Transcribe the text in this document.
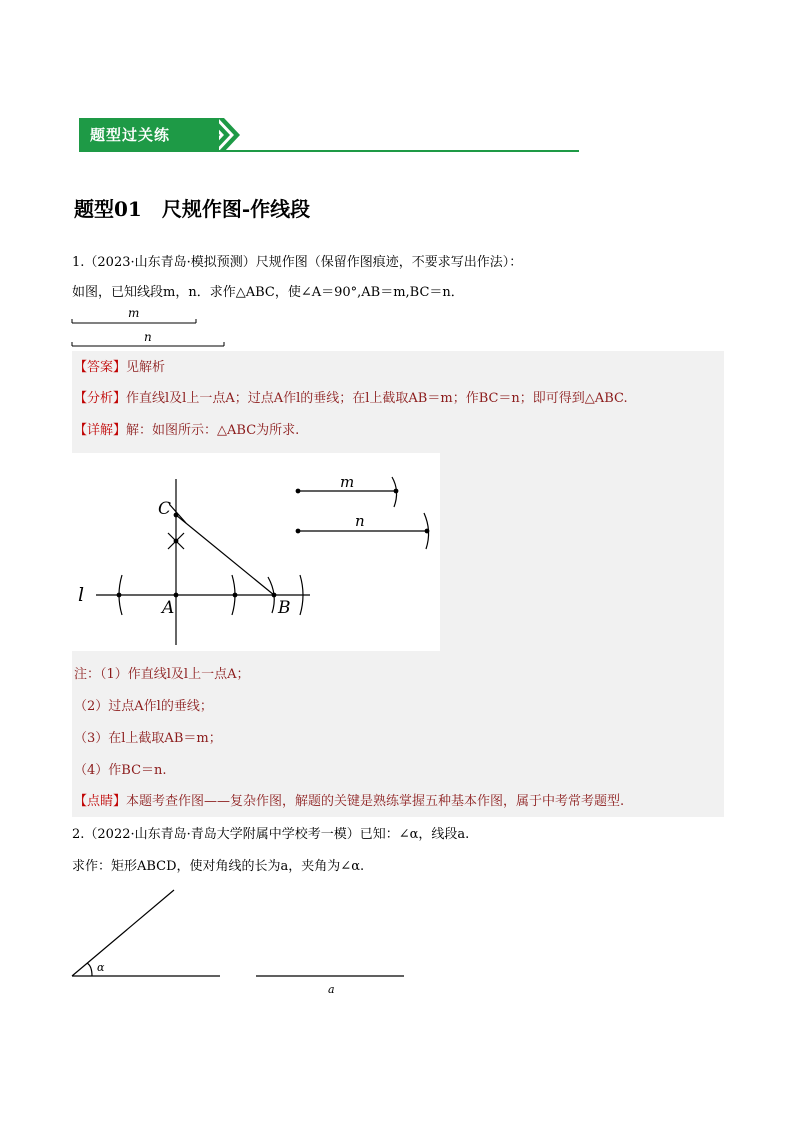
题型过关练
题型01　尺规作图-作线段
1.（2023·山东青岛·模拟预测）尺规作图（保留作图痕迹，不要求写出作法）：
如图，已知线段m，n．求作△ABC，使∠A＝90°,AB＝m,BC＝n．
m
n
【答案】见解析
【分析】作直线l及l上一点A；过点A作l的垂线；在l上截取AB＝m；作BC＝n；即可得到△ABC.
【详解】解：如图所示：△ABC为所求.
C
A	B
l
m
n
注：（1）作直线l及l上一点A；
（2）过点A作l的垂线；
（3）在l上截取AB＝m；
（4）作BC＝n.
【点睛】本题考查作图——复杂作图，解题的关键是熟练掌握五种基本作图，属于中考常考题型.
2.（2022·山东青岛·青岛大学附属中学校考一模）已知：∠α，线段a.
求作：矩形ABCD，使对角线的长为a，夹角为∠α.
α
a
